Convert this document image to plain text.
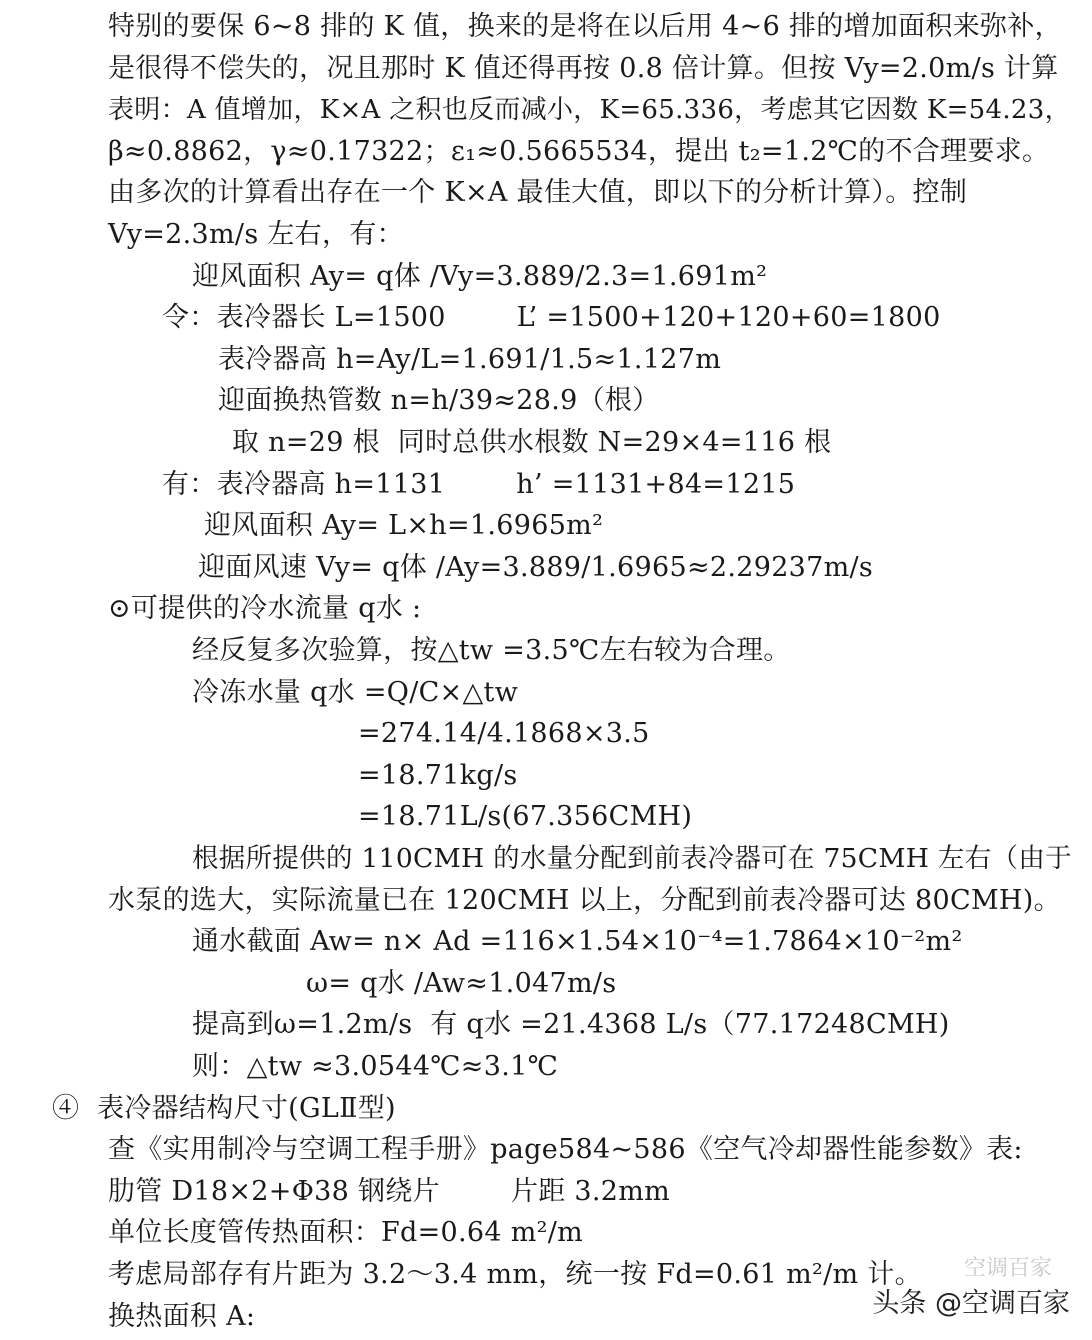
特别的要保 6~8 排的 K 值，换来的是将在以后用 4~6 排的增加面积来弥补，
是很得不偿失的，况且那时 K 值还得再按 0.8 倍计算。但按 Vy=2.0m/s 计算
表明：A 值增加，K×A 之积也反而减小，K=65.336，考虑其它因数 K=54.23，
β≈0.8862，γ≈0.17322；ε₁≈0.5665534，提出 t₂=1.2℃的不合理要求。
由多次的计算看出存在一个 K×A 最佳大值，即以下的分析计算）。控制
Vy=2.3m/s 左右，有：
迎风面积 Ay= q体 /Vy=3.889/2.3=1.691m²
令：表冷器长 L=1500        L’ =1500+120+120+60=1800
表冷器高 h=Ay/L=1.691/1.5≈1.127m
迎面换热管数 n=h/39≈28.9（根）
取 n=29 根  同时总供水根数 N=29×4=116 根
有：表冷器高 h=1131        h’ =1131+84=1215
迎风面积 Ay= L×h=1.6965m²
迎面风速 Vy= q体 /Ay=3.889/1.6965≈2.29237m/s
⊙可提供的冷水流量 q水 :
经反复多次验算，按△tw =3.5℃左右较为合理。
冷冻水量 q水 =Q/C×△tw
=274.14/4.1868×3.5
=18.71kg/s
=18.71L/s(67.356CMH)
根据所提供的 110CMH 的水量分配到前表冷器可在 75CMH 左右（由于
水泵的选大，实际流量已在 120CMH 以上，分配到前表冷器可达 80CMH)。
通水截面 Aw= n× Ad =116×1.54×10⁻⁴=1.7864×10⁻²m²
ω= q水 /Aw≈1.047m/s
提高到ω=1.2m/s  有 q水 =21.4368 L/s（77.17248CMH)
则：△tw ≈3.0544℃≈3.1℃
④  表冷器结构尺寸(GLⅡ型)
查《实用制冷与空调工程手册》page584~586《空气冷却器性能参数》表:
肋管 D18×2+Φ38 钢绕片        片距 3.2mm
单位长度管传热面积：Fd=0.64 m²/m
考虑局部存有片距为 3.2～3.4 mm，统一按 Fd=0.61 m²/m 计。
换热面积 A:
空调百家
头条 @空调百家
